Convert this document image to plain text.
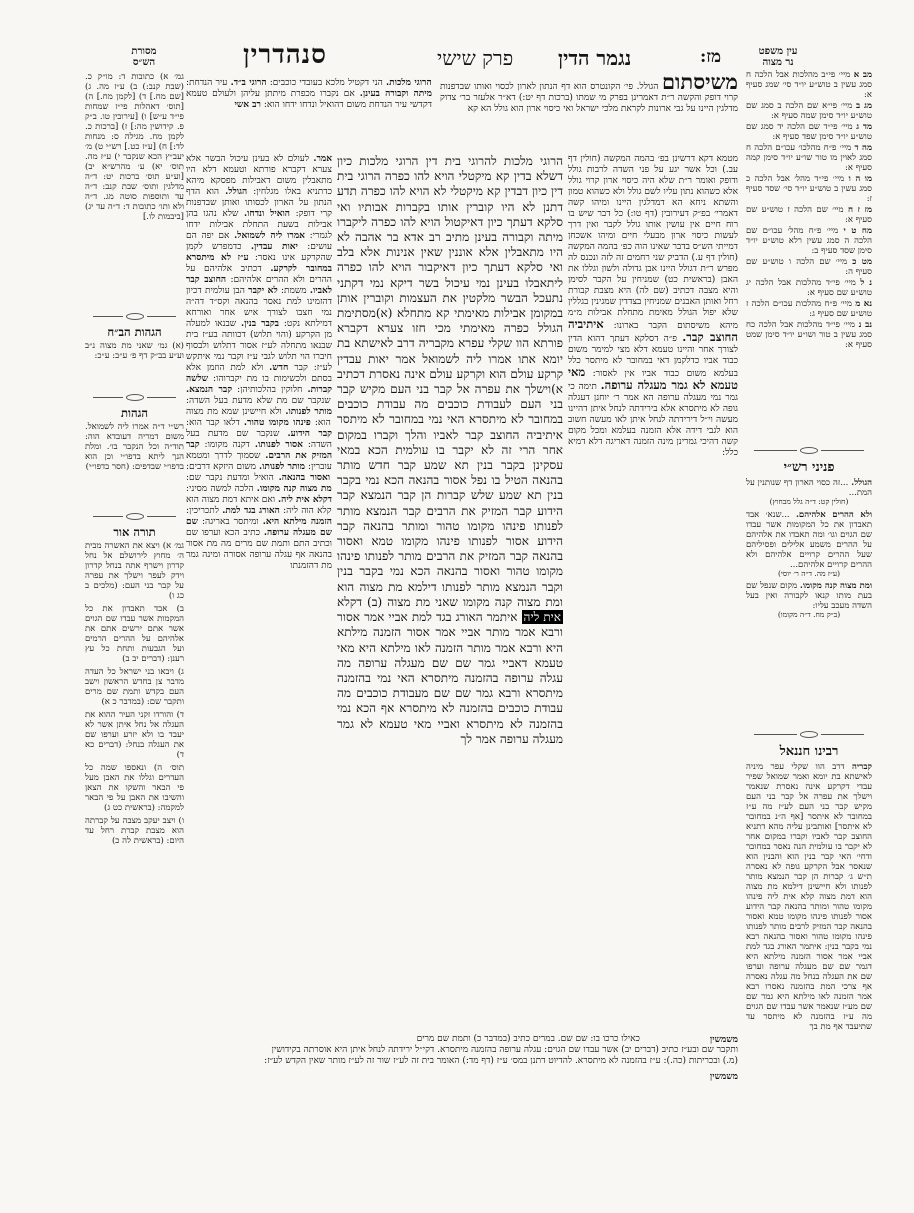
מסורת
הש״ס	סנהדרין	פרק שישי נגמר הדין	מז:	עין משפט
נר מצוה
מב א מיי׳ פי״ב מהלכות אבל הלכה ח סמג עשין ב טוש״ע יו״ד סי׳ שמג סעיף א:
מג ב מיי׳ פי״א שם הלכה ב סמג שם טוש״ע יו״ד סימן שמה סעיף א:
מד ג מיי׳ פי״ד שם הלכה יד סמג שם טוש״ע יו״ד סימן שפד סעיף א:
מה ד מיי׳ פ״ח מהלכו׳ עכו״ם הלכה ח סמג לאוין מו טור שו״ע יו״ד סימן קמה סעיף א:
מו ה ו מיי׳ פי״ד מהל׳ אבל הלכה כ סמג עשין ב טוש״ע יו״ד סי׳ שסד סעיף ז:
מז ז ח מיי׳ שם הלכה ז טוש״ע שם סעיף א:
מח ט י מיי׳ פ״ח מהל׳ עכו״ם שם הלכה ה סמג עשין רלא טוש״ע יו״ד סימן שסד סעיף ב:
מט כ מיי׳ שם הלכה ו טוש״ע שם סעיף ה:
נ ל מיי׳ פי״ד מהלכות אבל הלכה יג טוש״ע שם סעיף א:
נא מ מיי׳ פ״ח מהלכות עכו״ם הלכה ז טוש״ע שם סעיף ג:
נב נ מיי׳ פי״ד מהלכות אבל הלכה כח סמג עשין ב טור ושו״ע יו״ד סימן שמט סעיף א:
פניני רש״י
הגולל. ...זה כסוי הארון דף שנותנין על המת...
(חולין קט: ד״ה גלל מבחוץ)
ולא ההרים אלהיהם. ...שנא׳ אבד תאבדון את כל המקומות אשר עבדו שם הגוים וגו׳ ומה תאבדו את אלהיהם על ההרים משמע אלילים ופסיליהם שעל ההרים קרויים אלהיהם ולא ההרים קרויים אלהיהם...
(ע״ז מה. ד״ה ר׳ יוסי)
ומת מצוה קנה מקומו. מקום שנפל שם בעת מותו קנאו לקבורה ואין בעל השדה מעכב עליו:
(ב״ק מח. ד״ה מקומו)
רבינו חננאל
קבריה דרב הוו שקלי עפר מיניה לאישתא בת יומא ואמר שמואל שפיר עבדי דקרקע אינה נאסרת שנאמר וישלך את עפרה אל קבר בני העם מקיש קבר בני העם לע״ז מה ע״ז במחובר לא איתסר [אף ה״נ במחובר לא איתסר] ואותבינן עליה מהא דתניא החוצב קבר לאביו וקברו במקום אחר לא יקבר בו עולמית הנה נאסר במחובר ודחי׳ האי קבר בנין הוא והבנין הוא שנאסר אבל הקרקע גופה לא נאסרה ת״ש ג׳ קברות הן קבר הנמצא מותר לפנותו ולא חיישינן דילמא מת מצוה הוא דמת מצוה קלא אית ליה פינהו מקומו טהור ומותר בהנאה קבר הידוע אסור לפנותו פינהו מקומו טמא ואסור בהנאה קבר המזיק לרבים מותר לפנותו פינהו מקומו טהור ואסור בהנאה רבא נמי בקבר בנין: איתמר האורג בגד למת אביי אמר אסור הזמנה מילתא היא דגמר שם שם מעגלה ערופה וערפו שם את העגלה בנחל מה עגלה נאסרה אף צרכי המת בהזמנה נאסרו רבא אמר הזמנה לאו מילתא היא גמר שם שם מע״ז שנאמר אשר עבדו שם הגוים מה ע״ז בהזמנה לא מיתסר עד שתיעבד אף מת בך
גמ׳ א) כתובות ד: מו״ק כ. (שבת קנב:) ב) ע״ז מה. ג) [שם מח.] ד) [לקמן מח.] ה) [תוס׳ דאהלות פי״ז שמחות פי״ד ע״ש] ו) [עירובין טו. ב״ק פ. קידושין מה:] ז) [ברכות כ. לקמן מח. מגילה ס: מנחות לד:] ח) [ע״ז כט.] רש״י ט) מ׳ יעב״ץ הכא שנקבר י) ע״ז מה. תוס׳ יא) ע׳ מהרש״א יב) [וע״ע תוס׳ ברכות יט: ד״ה מדלגין ותוס׳ שבת קנב: ד״ה עד ותוספות סוטה מג. ד״ה ולא ותו׳ כתובות ד: ד״ה עד יג) [ביבמות לו.]
הגהות הב״ח
(א) גמ׳ שאני מת מצוה נ״ב וע״ע בב״ק דף פ׳ ע״ב: ע״כ:
הגהות
רש״י ד״ה אמרו ליה לשמואל. משום דמריה דעובדא הוה: תוד״ה וכל הנקבר בו׳. ומלת הנך ליתא בדפו״י וכן הוא בדפו״י שבדפים: (חסר בדפו״י)
תורה אור
גמ׳ א) ויצא את האשרה מבית ה׳ מחוץ לירושלם אל נחל קדרון וישרף אתה בנחל קדרון וידק לעפר וישלך את עפרה על קבר בני העם: (מלכים ב כג ו)
ב) אבד תאבדון את כל המקמות אשר עבדו שם הגוים אשר אתם ירשים אתם את אלהיהם על ההרים הרמים ועל הגבעות ותחת כל עץ רענן: (דברים יב ב)
ג) ויבאו בני ישראל כל העדה מדבר צן בחדש הראשון וישב העם בקדש ותמת שם מרים ותקבר שם: (במדבר כ א)
ד) והורדו זקני העיר ההוא את העגלה אל נחל איתן אשר לא יעבד בו ולא יזרע וערפו שם את העגלה בנחל: (דברים כא ד)
תוס׳ ה) ונאספו שמה כל העדרים וגללו את האבן מעל פי הבאר והשקו את הצאן והשיבו את האבן על פי הבאר למקמה: (בראשית כט ג)
ו) ויצב יעקב מצבה על קברתה הוא מצבת קברת רחל עד היום: (בראשית לה כ)
הרוגי מלכות. הני דקטיל מלכא בעובדי כוכבים: הרוגי ב״ד. עיר הנדחת: מיתה וקבורה בעינן. אם נקברו מכפרת מיתתן עליהן ולעולם טעמא דקדשי עיר הנדחת משום דהואיל ונדחו ידחו הוא: רב אשי
משיסתום הגולל. פי׳ הקונטרס הוא דף הנתון לארון לכסוי ואותו שבדפנות קרוי דופק והקשה ר״ת דאמרינן בפרק מי שמתו (ברכות דף יט:) דא״ר אלעזר בר׳ צדוק מדלגין היינו על גבי ארונות לקראת מלכי ישראל ואי כיסוי ארון הוא גולל הא קא
אמר. לעולם לא בעינן עיכול הבשר אלא צערא דקברא פורתא וטעמא דלא היו מתאבלין משום דאבילות מפסקא מיהא כדתניא באלו מגלחין: הגולל. הוא הדף הנתון על הארון לכסותו ואותן שבדפנות קרי דופק: הואיל ונדחו. שלא נהגו בהן אבילות בשעת התחלת אבילות ידחו לגמרי: אמרו ליה לשמואל. אם יפה הם עושים: יאות עבדין. כדמפרש לקמן שהקרקע אינו נאסר: ע״ז לא מיתסרא במחובר לקרקע. דכתיב אלהיהם על ההרים ולא ההרים אלהיהם: החוצב קבר לאביו. משמת: לא יקבר הבן עולמית דכיון דהזמינו למת נאסר בהנאה וקס״ד דה״ה נמי חצבו לצורך איש אחר ואורחא דמילתא נקט: בקבר בנין. שבנאו למעלה מן הקרקע (והוי תלוש) דכוותה בע״ז בית שבנאו מתחלה לע״ז אסור דתלוש ולבסוף חיברו הוי תלוש לגבי ע״ז וקבר נמי איתקש לע״ז: קבר חדש. ולא למת הוזמן אלא בסתם ולכשימות בו מת יקברוהו: שלשה קברות. חלוקין בהלכותיהן: קבר הנמצא. שנקבר שם מת שלא מדעת בעל השדה: מותר לפנותו. ולא חיישינן שמא מת מצוה הוא: פינהו מקומו טהור. דלאו קבר הוא: קבר הידוע. שנקבר שם מדעת בעל השדה: אסור לפנותו. דקנה מקומו: קבר המזיק את הרבים. שסמוך לדרך ומטמא עוברין: מותר לפנותו. משום היזקא דרבים: ואסור בהנאה. הואיל ומדעת נקבר שם: מת מצוה קנה מקומו. הלכה למשה מסיני: דקלא אית ליה. ואם איתא דמת מצוה הוא קלא הוה ליה: האורג בגד למת. לתכריכין: הזמנה מילתא היא. ומיתסר באריגה: שם שם מעגלה ערופה. כתיב הכא וערפו שם וכתיב התם ותמת שם מרים מה מת אסור בהנאה אף עגלה ערופה אסורה ומינה גמר מת דהזמנתו
הרוגי מלכות להרוגי בית דין הרוגי מלכות כיון דשלא בדין קא מיקטלי הויא להו כפרה הרוגי בית דין כיון דבדין קא מיקטלי לא הויא להו כפרה תדע דתנן לא היו קוברין אותו בקברות אבותיו ואי סלקא דעתך כיון דאיקטול הויא להו כפרה ליקברו מיתה וקבורה בעינן מתיב רב אדא בר אהבה לא היו מתאבלין אלא אוננין שאין אנינות אלא בלב ואי סלקא דעתך כיון דאיקבור הויא להו כפרה ליתאבלו בעינן נמי עיכול בשר דיקא נמי דקתני נתעכל הבשר מלקטין את העצמות וקוברין אותן במקומן אבילות מאימתי קא מתחלא (א)מסתימת הגולל כפרה מאימתי מכי חזו צערא דקברא פורתא הוו שקלי עפרא מקבריה דרב לאישתא בת יומא אתו אמרו ליה לשמואל אמר יאות עבדין קרקע עולם הוא וקרקע עולם אינה נאסרת דכתיב א)וישלך את עפרה אל קבר בני העם מקיש קבר בני העם לעבודת כוכבים מה עבודת כוכבים במחובר לא מיתסרא האי נמי במחובר לא מיתסר איתיביה החוצב קבר לאביו והלך וקברו במקום אחר הרי זה לא יקבר בו עולמית הכא במאי עסקינן בקבר בנין תא שמע קבר חדש מותר בהנאה הטיל בו נפל אסור בהנאה הכא נמי בקבר בנין תא שמע שלש קברות הן קבר הנמצא קבר הידוע קבר המזיק את הרבים קבר הנמצא מותר לפנותו פינהו מקומו טהור ומותר בהנאה קבר הידוע אסור לפנותו פינהו מקומו טמא ואסור בהנאה קבר המזיק את הרבים מותר לפנותו פינהו מקומו טהור ואסור בהנאה הכא נמי בקבר בנין וקבר הנמצא מותר לפנותו דילמא מת מצוה הוא ומת מצוה קנה מקומו שאני מת מצוה (ב) דקלא אית ליה איתמר האורג בגד למת אביי אמר אסור ורבא אמר מותר אביי אמר אסור הזמנה מילתא היא ורבא אמר מותר הזמנה לאו מילתא היא מאי טעמא דאביי גמר שם שם מעגלה ערופה מה עגלה ערופה בהזמנה מיתסרא האי נמי בהזמנה מיתסרא ורבא גמר שם שם מעבודת כוכבים מה עבודת כוכבים בהזמנה לא מיתסרא אף הכא נמי בהזמנה לא מיתסרא ואביי מאי טעמא לא גמר מעגלה ערופה אמר לך
מטמא דקא דרשינן בפ׳ בהמה המקשה (חולין דף עב.) וכל אשר יגע על פני השדה לרבות גולל ודופק ואומר ר״ת שלא היה כיסוי ארון קרוי גולל אלא כשהוא נתון עליו לשם גולל ולא כשהוא טמון והשתא ניחא הא דמדלגין היינו ומיהו קשה דאמרי׳ בפ״ק דעירובין (דף טו:) כל דבר שיש בו רוח חיים אין עושין אותו גולל לקבר ואין דרך לעשות כיסוי ארון מבעלי חיים ומיהו אשכחן דמייתי הש״ס בדבר שאינו הוה כפ׳ בהמה המקשה (חולין דף ע.) הדביק שני רחמים זה לזה ונכנס לה מפרש ר״ת דגולל היינו אבן גדולה ולשון וגללו את האבן (בראשית כט) שמניחין על הקבר לסימן והיא מצבה דכתיב (שם לה) היא מצבת קבורת רחל ואותן האבנים שמניחין בצדדין שמגינין בגללין שלא יפול הגולל מאימת מתחלת אבילות מ״מ מיהא משיסתום הקבר בארונו: איתיביה החוצב קבר. פ״ה דסלקא דעתך דהוא הדין לצורך אחר והיינו טעמא דלא מצי למימר משום כבוד אביו כדלקמן דאי במחובר לא מיתסר כלל בעלמא משום כבוד אביו אין לאסור: מאי טעמא לא גמר מעגלה ערופה. תימה כי גמר נמי מעגלה ערופה הא אמר ר׳ יוחנן דעגלה גופה לא מיתסרא אלא בירידתה לנחל איתן דהיינו מעשה וי״ל דירידתה לנחל איתן לאו מעשה חשוב הוא לגבי דידה אלא הזמנה בעלמא ומכל מקום קשה דהיכי גמרינן מינה הזמנה דאריגה דלא דמיא כלל:
משמשין
כאילו כרכו בו: שם שם. במרים כתיב (במדבר כ) ותמת שם מרים
ותקבר שם ובע״ז כתיב (דברים יב) אשר עבדו שם הגוים: עגלה ערופה בהזמנה מיתסרא. דקי״ל ירידתה לנחל איתן היא אוסרתה בקידושין
(מ.) ובכריתות (כה.): ע״ז בהזמנה לא מיתסרא. להדיוט דתנן במס׳ ע״ז (דף מד:) האומר בית זה לע״ז שור זה לע״ז מותר שאין הקדש לע״ז:
משמשין
